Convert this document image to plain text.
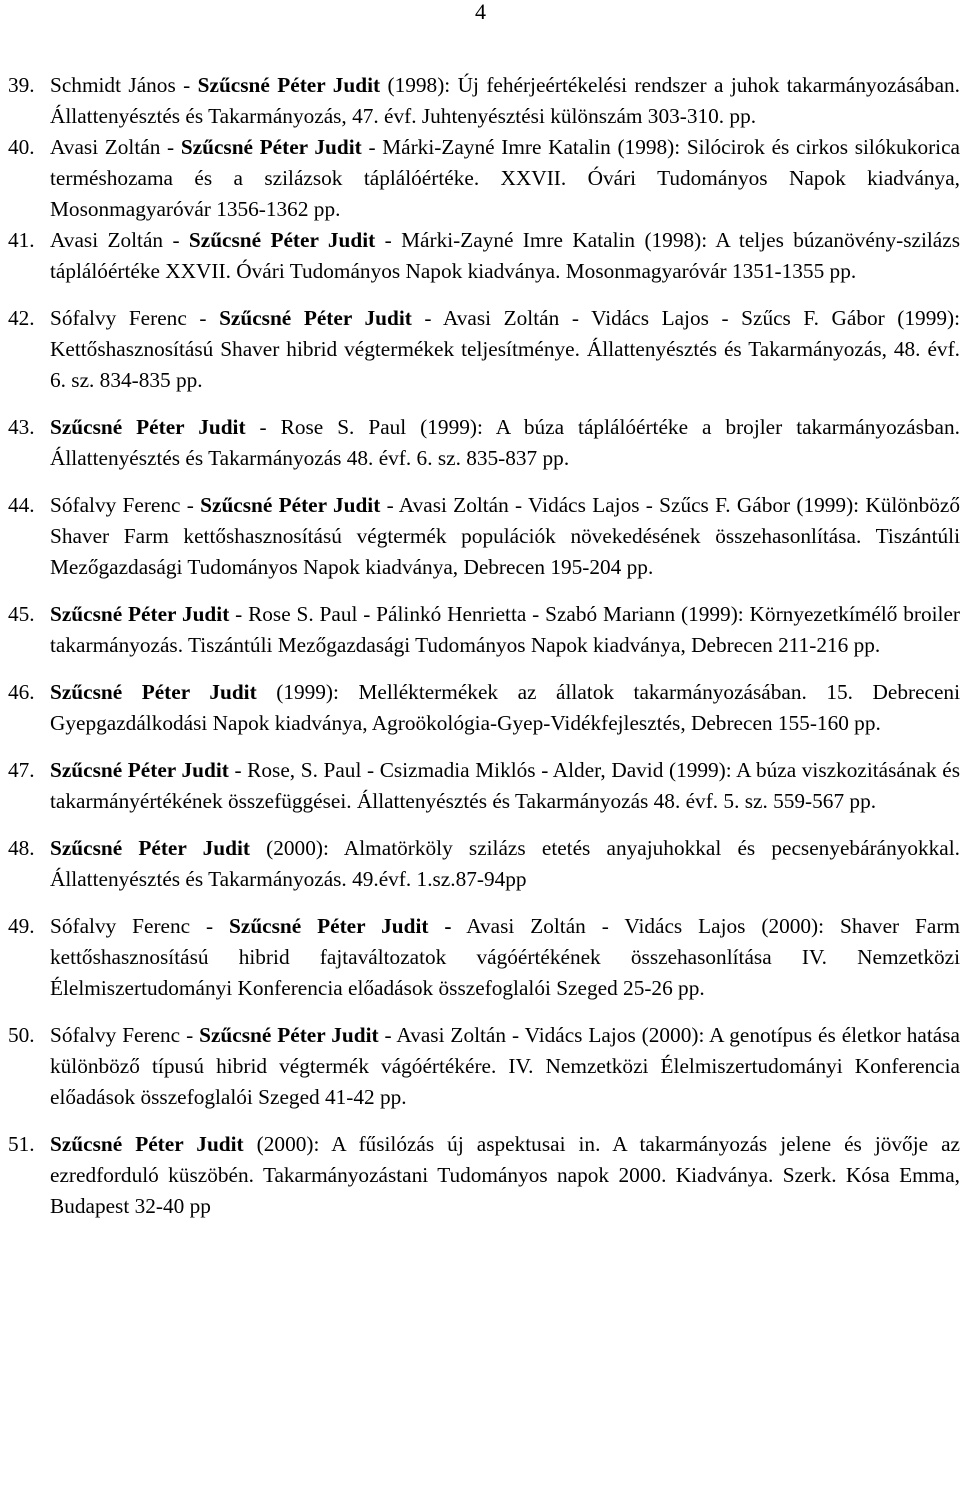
4
39. Schmidt János - Szűcsné Péter Judit (1998): Új fehérjeértékelési rendszer a juhok takarmányozásában. Állattenyésztés és Takarmányozás, 47. évf. Juhtenyésztési különszám 303-310. pp.
40. Avasi Zoltán - Szűcsné Péter Judit - Márki-Zayné Imre Katalin (1998): Silócirok és cirkos silókukorica terméshozama és a szilázsok táplálóértéke. XXVII. Óvári Tudományos Napok kiadványa, Mosonmagyaróvár 1356-1362 pp.
41. Avasi Zoltán - Szűcsné Péter Judit - Márki-Zayné Imre Katalin (1998): A teljes búzanövény-szilázs táplálóértéke XXVII. Óvári Tudományos Napok kiadványa. Mosonmagyaróvár 1351-1355 pp.
42. Sófalvy Ferenc - Szűcsné Péter Judit - Avasi Zoltán - Vidács Lajos - Szűcs F. Gábor (1999): Kettőshasznosítású Shaver hibrid végtermékek teljesítménye. Állattenyésztés és Takarmányozás, 48. évf. 6. sz. 834-835 pp.
43. Szűcsné Péter Judit - Rose S. Paul (1999): A búza táplálóértéke a brojler takarmányozásban. Állattenyésztés és Takarmányozás 48. évf. 6. sz. 835-837 pp.
44. Sófalvy Ferenc - Szűcsné Péter Judit - Avasi Zoltán - Vidács Lajos - Szűcs F. Gábor (1999): Különböző Shaver Farm kettőshasznosítású végtermék populációk növekedésének összehasonlítása. Tiszántúli Mezőgazdasági Tudományos Napok kiadványa, Debrecen 195-204 pp.
45. Szűcsné Péter Judit - Rose S. Paul - Pálinkó Henrietta - Szabó Mariann (1999): Környezetkímélő broiler takarmányozás. Tiszántúli Mezőgazdasági Tudományos Napok kiadványa, Debrecen 211-216 pp.
46. Szűcsné Péter Judit (1999): Melléktermékek az állatok takarmányozásában. 15. Debreceni Gyepgazdálkodási Napok kiadványa, Agroökológia-Gyep-Vidékfejlesztés, Debrecen 155-160 pp.
47. Szűcsné Péter Judit - Rose, S. Paul - Csizmadia Miklós - Alder, David (1999): A búza viszkozitásának és takarmányértékének összefüggései. Állattenyésztés és Takarmányozás 48. évf. 5. sz. 559-567 pp.
48. Szűcsné Péter Judit (2000): Almatörköly szilázs etetés anyajuhokkal és pecsenyebárányokkal. Állattenyésztés és Takarmányozás. 49.évf. 1.sz.87-94pp
49. Sófalvy Ferenc - Szűcsné Péter Judit - Avasi Zoltán - Vidács Lajos (2000): Shaver Farm kettőshasznosítású hibrid fajtaváltozatok vágóértékének összehasonlítása IV. Nemzetközi Élelmiszertudományi Konferencia előadások összefoglalói Szeged 25-26 pp.
50. Sófalvy Ferenc - Szűcsné Péter Judit - Avasi Zoltán - Vidács Lajos (2000): A genotípus és életkor hatása különböző típusú hibrid végtermék vágóértékére. IV. Nemzetközi Élelmiszertudományi Konferencia előadások összefoglalói Szeged 41-42 pp.
51. Szűcsné Péter Judit (2000): A fűsilózás új aspektusai in. A takarmányozás jelene és jövője az ezredforduló küszöbén. Takarmányozástani Tudományos napok 2000. Kiadványa. Szerk. Kósa Emma, Budapest 32-40 pp
